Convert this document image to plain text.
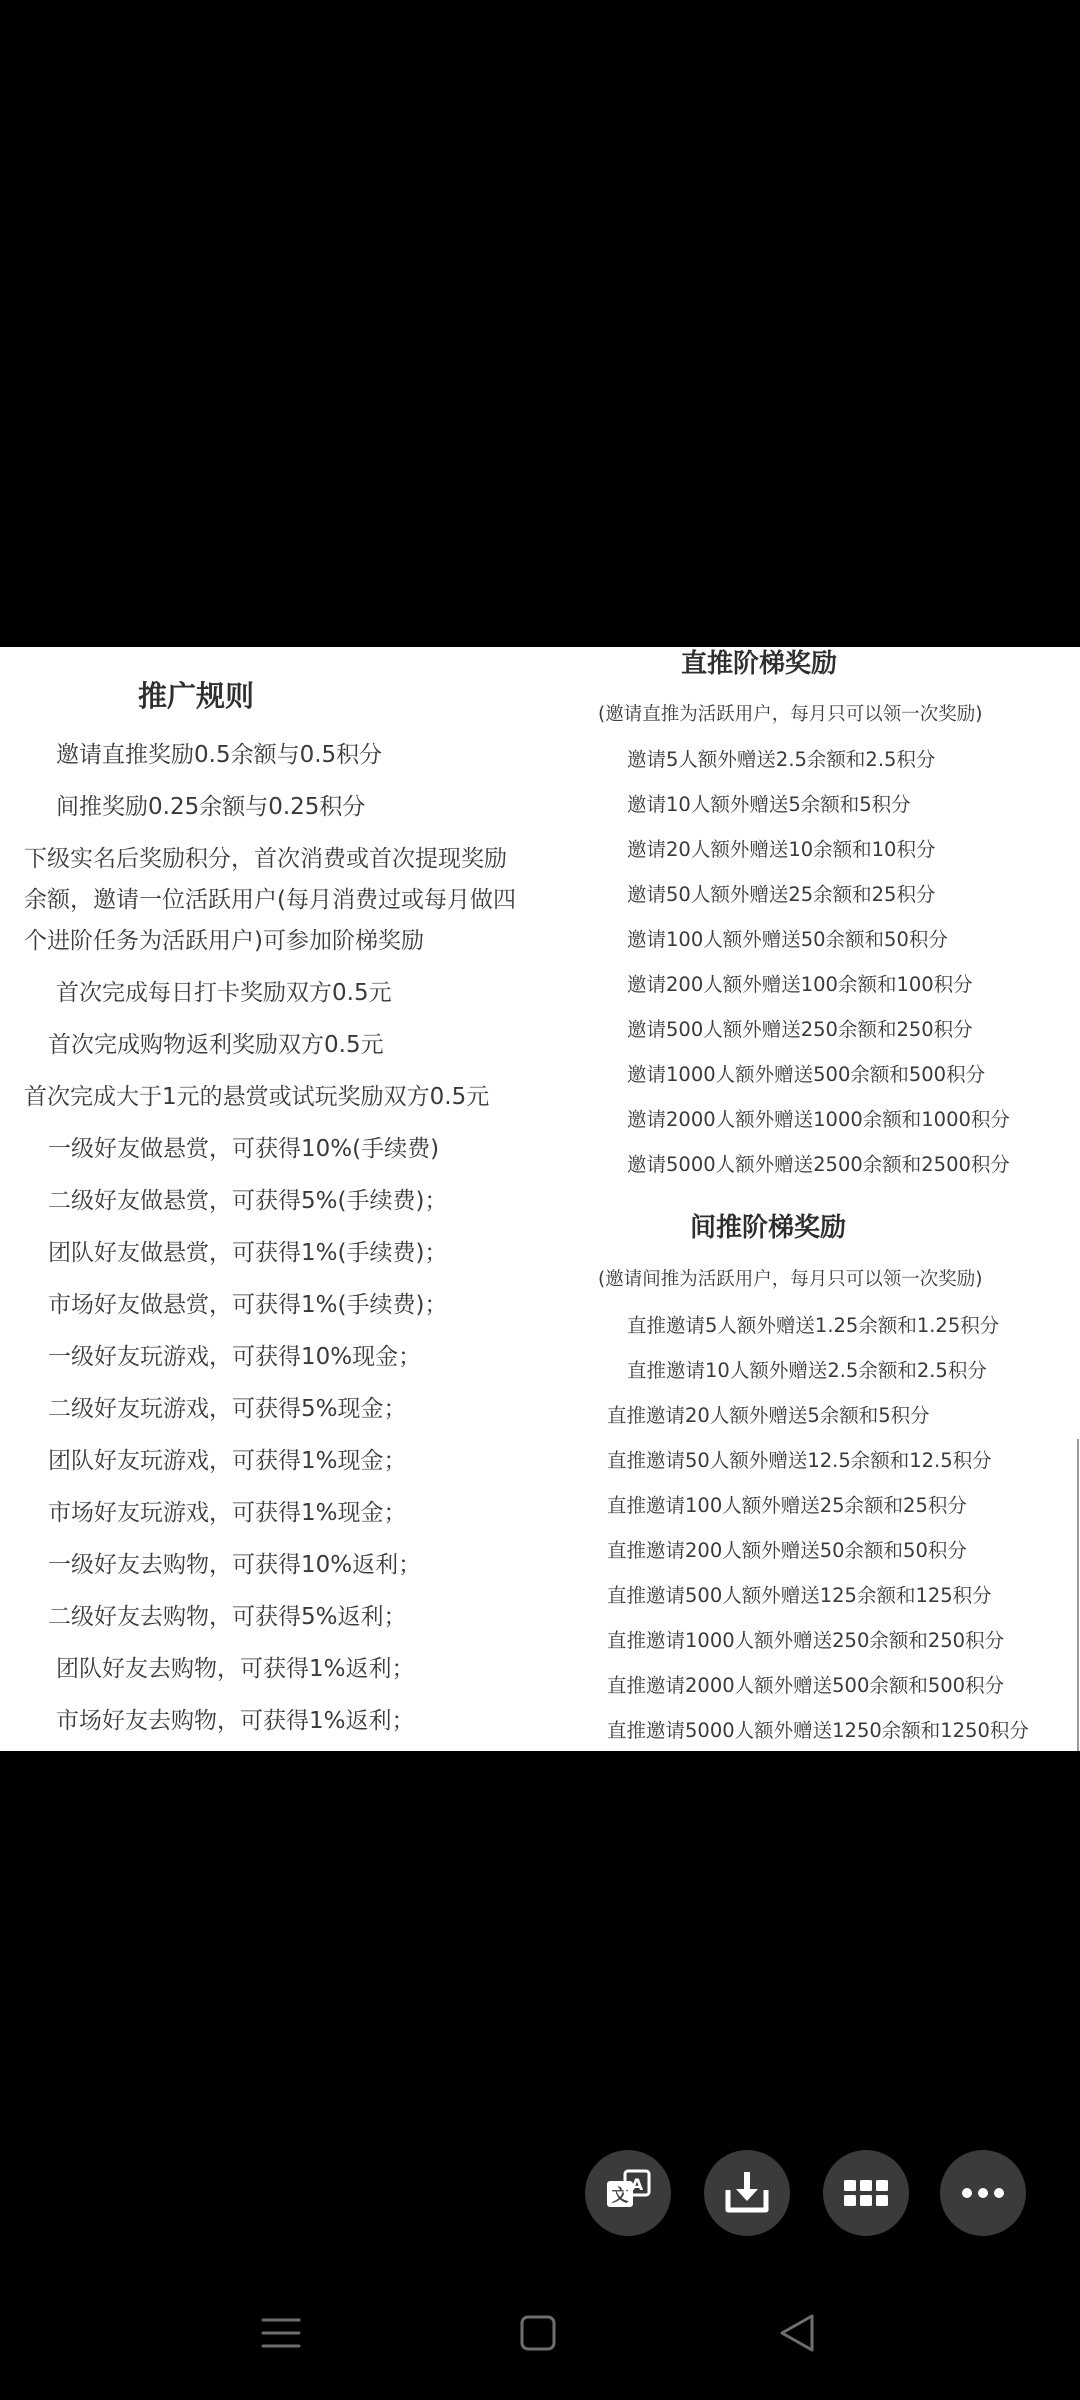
推广规则
邀请直推奖励0.5余额与0.5积分
间推奖励0.25余额与0.25积分
下级实名后奖励积分，首次消费或首次提现奖励
余额，邀请一位活跃用户(每月消费过或每月做四
个进阶任务为活跃用户)可参加阶梯奖励
首次完成每日打卡奖励双方0.5元
首次完成购物返利奖励双方0.5元
首次完成大于1元的悬赏或试玩奖励双方0.5元
一级好友做悬赏，可获得10%(手续费)
二级好友做悬赏，可获得5%(手续费)；
团队好友做悬赏，可获得1%(手续费)；
市场好友做悬赏，可获得1%(手续费)；
一级好友玩游戏，可获得10%现金；
二级好友玩游戏，可获得5%现金；
团队好友玩游戏，可获得1%现金；
市场好友玩游戏，可获得1%现金；
一级好友去购物，可获得10%返利；
二级好友去购物，可获得5%返利；
团队好友去购物，可获得1%返利；
市场好友去购物，可获得1%返利；
直推阶梯奖励
(邀请直推为活跃用户，每月只可以领一次奖励)
邀请5人额外赠送2.5余额和2.5积分
邀请10人额外赠送5余额和5积分
邀请20人额外赠送10余额和10积分
邀请50人额外赠送25余额和25积分
邀请100人额外赠送50余额和50积分
邀请200人额外赠送100余额和100积分
邀请500人额外赠送250余额和250积分
邀请1000人额外赠送500余额和500积分
邀请2000人额外赠送1000余额和1000积分
邀请5000人额外赠送2500余额和2500积分
间推阶梯奖励
(邀请间推为活跃用户，每月只可以领一次奖励)
直推邀请5人额外赠送1.25余额和1.25积分
直推邀请10人额外赠送2.5余额和2.5积分
直推邀请20人额外赠送5余额和5积分
直推邀请50人额外赠送12.5余额和12.5积分
直推邀请100人额外赠送25余额和25积分
直推邀请200人额外赠送50余额和50积分
直推邀请500人额外赠送125余额和125积分
直推邀请1000人额外赠送250余额和250积分
直推邀请2000人额外赠送500余额和500积分
直推邀请5000人额外赠送1250余额和1250积分
文
A
